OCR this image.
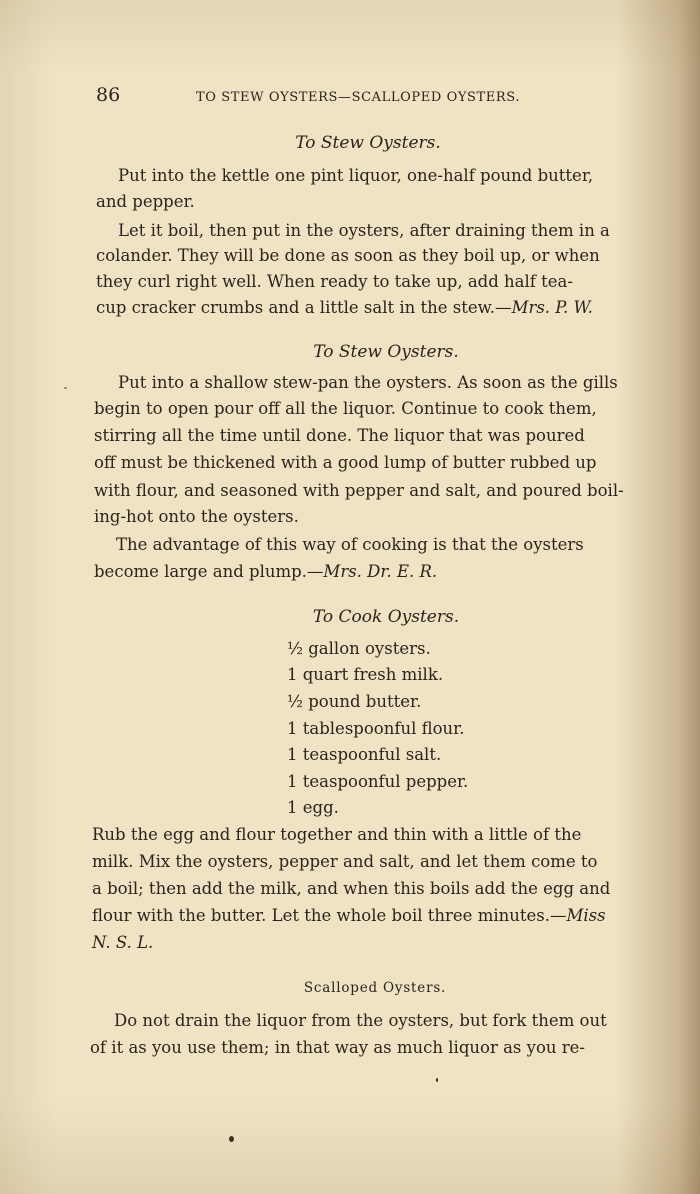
86	TO STEW OYSTERS—SCALLOPED OYSTERS.
To Stew Oysters.
Put into the kettle one pint liquor, one-half pound butter,
and pepper.
Let it boil, then put in the oysters, after draining them in a
colander. They will be done as soon as they boil up, or when
they curl right well. When ready to take up, add half tea-
cup cracker crumbs and a little salt in the stew.—Mrs. P. W.
To Stew Oysters.
Put into a shallow stew-pan the oysters. As soon as the gills
begin to open pour off all the liquor. Continue to cook them,
stirring all the time until done. The liquor that was poured
off must be thickened with a good lump of butter rubbed up
with flour, and seasoned with pepper and salt, and poured boil-
ing-hot onto the oysters.
The advantage of this way of cooking is that the oysters
become large and plump.—Mrs. Dr. E. R.
To Cook Oysters.
½ gallon oysters.
1 quart fresh milk.
½ pound butter.
1 tablespoonful flour.
1 teaspoonful salt.
1 teaspoonful pepper.
1 egg.
Rub the egg and flour together and thin with a little of the
milk. Mix the oysters, pepper and salt, and let them come to
a boil; then add the milk, and when this boils add the egg and
flour with the butter. Let the whole boil three minutes.—Miss
N. S. L.
Scalloped Oysters.
Do not drain the liquor from the oysters, but fork them out
of it as you use them; in that way as much liquor as you re-
